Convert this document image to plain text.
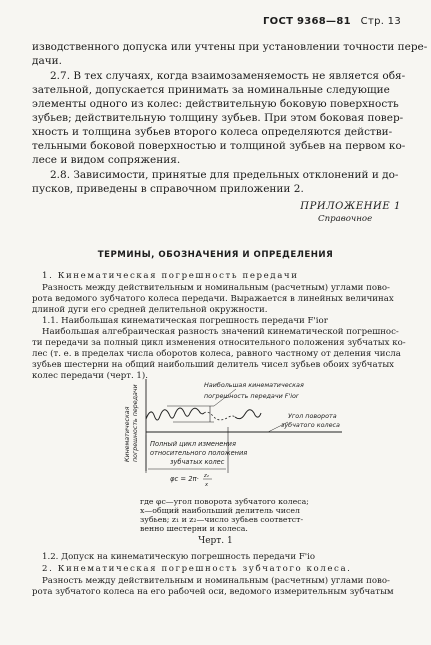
ГОСТ 9368—81 Стр. 13
изводственного допуска или учтены при установлении точности пере-
дачи.
2.7. В тех случаях, когда взаимозаменяемость не является обя-
зательной, допускается принимать за номинальные следующие
элементы одного из колес: действительную боковую поверхность
зубьев; действительную толщину зубьев. При этом боковая повер-
хность и толщина зубьев второго колеса определяются действи-
тельными боковой поверхностью и толщиной зубьев на первом ко-
лесе и видом сопряжения.
2.8. Зависимости, принятые для предельных отклонений и до-
пусков, приведены в справочном приложении 2.
ПРИЛОЖЕНИЕ 1
Справочное
ТЕРМИНЫ, ОБОЗНАЧЕНИЯ И ОПРЕДЕЛЕНИЯ
1. Кинематическая погрешность передачи
Разность между действительным и номинальным (расчетным) углами пово-
рота ведомого зубчатого колеса передачи. Выражается в линейных величинах
длиной дуги его средней делительной окружности.
1.1. Наибольшая кинематическая погрешность передачи F'ior
Наибольшая алгебраическая разность значений кинематической погрешнос-
ти передачи за полный цикл изменения относительного положения зубчатых ко-
лес (т. е. в пределах числа оборотов колеса, равного частному от деления числа
зубьев шестерни на общий наибольший делитель чисел зубьев обоих зубчатых
колес передачи (черт. 1).
Кинематическая погрешность передачи	Наибольшая кинематическая
погрешность передачи F'ior
Угол поворота
зубчатого колеса
Полный цикл изменения
относительного положения
зубчатых колес
φс = 2π· z₂
x
где φс—угол поворота зубчатого колеса;
x—общий наибольший делитель чисел
зубьев; z₁ и z₂—число зубьев соответст-
венно шестерни и колеса.
Черт. 1
1.2. Допуск на кинематическую погрешность передачи F'io
2. Кинематическая погрешность зубчатого колеса.
Разность между действительным и номинальным (расчетным) углами пово-
рота зубчатого колеса на его рабочей оси, ведомого измерительным зубчатым
